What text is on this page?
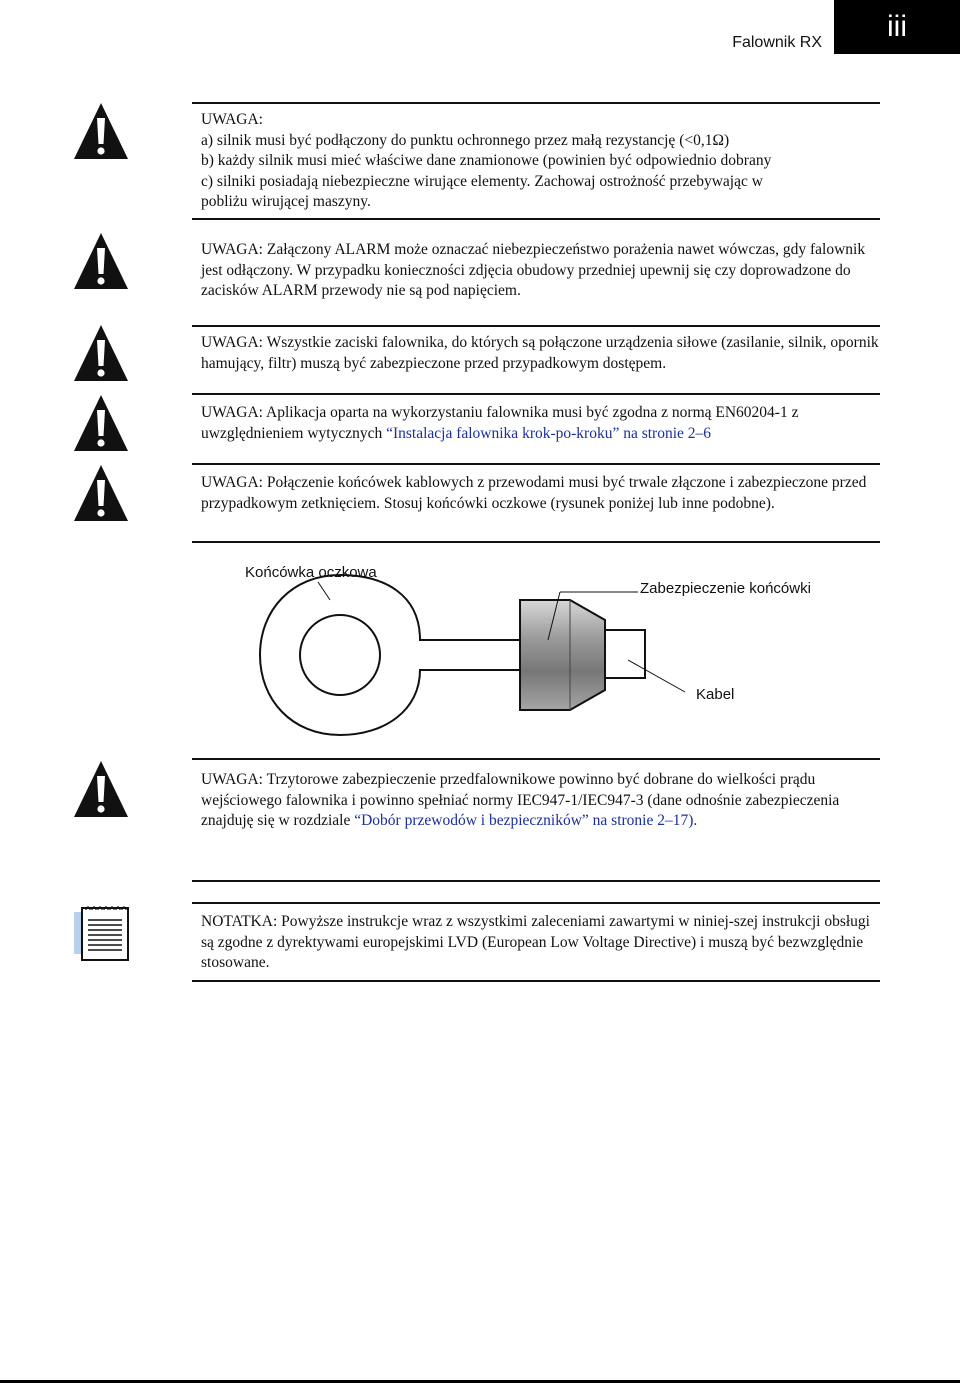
Falownik RX	iii

UWAGA:

a) silnik musi być podłączony do punktu ochronnego przez małą rezystancję (<0,1Ω)

b) każdy silnik musi mieć właściwe dane znamionowe (powinien być odpowiednio dobrany

c) silniki posiadają niebezpieczne wirujące elementy. Zachowaj ostrożność przebywając w

pobliżu wirującej maszyny.

UWAGA: Załączony ALARM może oznaczać niebezpieczeństwo porażenia nawet wówczas, gdy falownik jest odłączony. W przypadku konieczności zdjęcia obudowy przedniej upewnij się czy doprowadzone do zacisków ALARM przewody nie są pod napięciem.

UWAGA: Wszystkie zaciski falownika, do których są połączone urządzenia siłowe (zasilanie, silnik, opornik hamujący, filtr) muszą być zabezpieczone przed przypadkowym dostępem.

UWAGA: Aplikacja oparta na wykorzystaniu falownika musi być zgodna z normą EN60204-1 z uwzględnieniem wytycznych “Instalacja falownika krok-po-kroku” na stronie 2–6

UWAGA: Połączenie końcówek kablowych z przewodami musi być trwale złączone i zabezpieczone przed przypadkowym zetknięciem. Stosuj końcówki oczkowe (rysunek poniżej lub inne podobne).

Końcówka oczkowa
Zabezpieczenie końcówki
Kabel

UWAGA: Trzytorowe zabezpieczenie przedfalownikowe powinno być dobrane do wielkości prądu wejściowego falownika i powinno spełniać normy IEC947-1/IEC947-3 (dane odnośnie zabezpieczenia znajduję się w rozdziale “Dobór przewodów i bezpieczników” na stronie 2–17).

NOTATKA: Powyższe instrukcje wraz z wszystkimi zaleceniami zawartymi w niniej-szej instrukcji obsługi są zgodne z dyrektywami europejskimi LVD (European Low Voltage Directive) i muszą być bezwzględnie stosowane.
